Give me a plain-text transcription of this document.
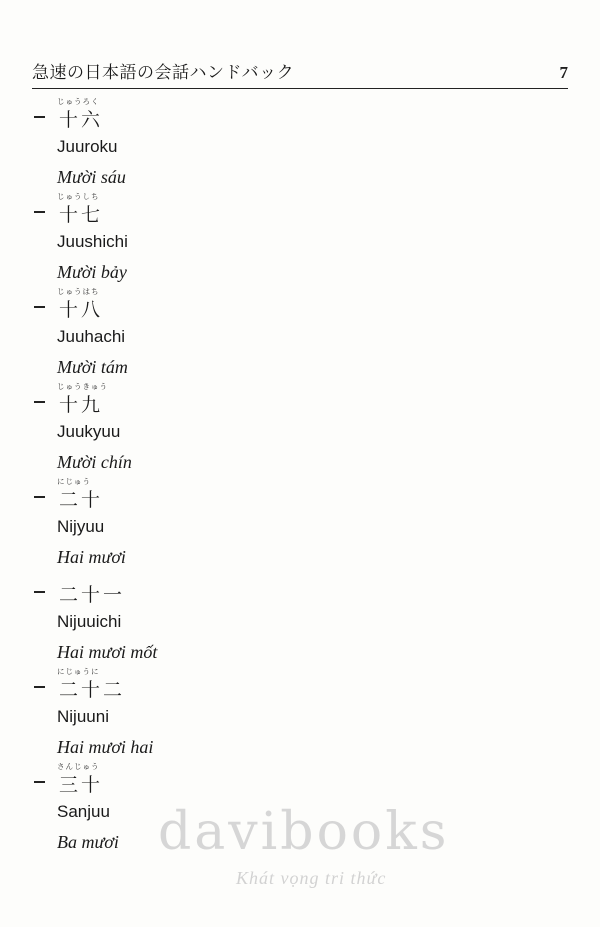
急速の日本語の会話ハンドバック	7
じゅうろく
十六
Juuroku
Mười sáu
じゅうしち
十七
Juushichi
Mười bảy
じゅうはち
十八
Juuhachi
Mười tám
じゅうきゅう
十九
Juukyuu
Mười chín
にじゅう
二十
Nijyuu
Hai mươi
二十一
Nijuuichi
Hai mươi mốt
にじゅうに
二十二
Nijuuni
Hai mươi hai
さんじゅう
三十
Sanjuu
Ba mươi davibooks
Khát vọng tri thức
